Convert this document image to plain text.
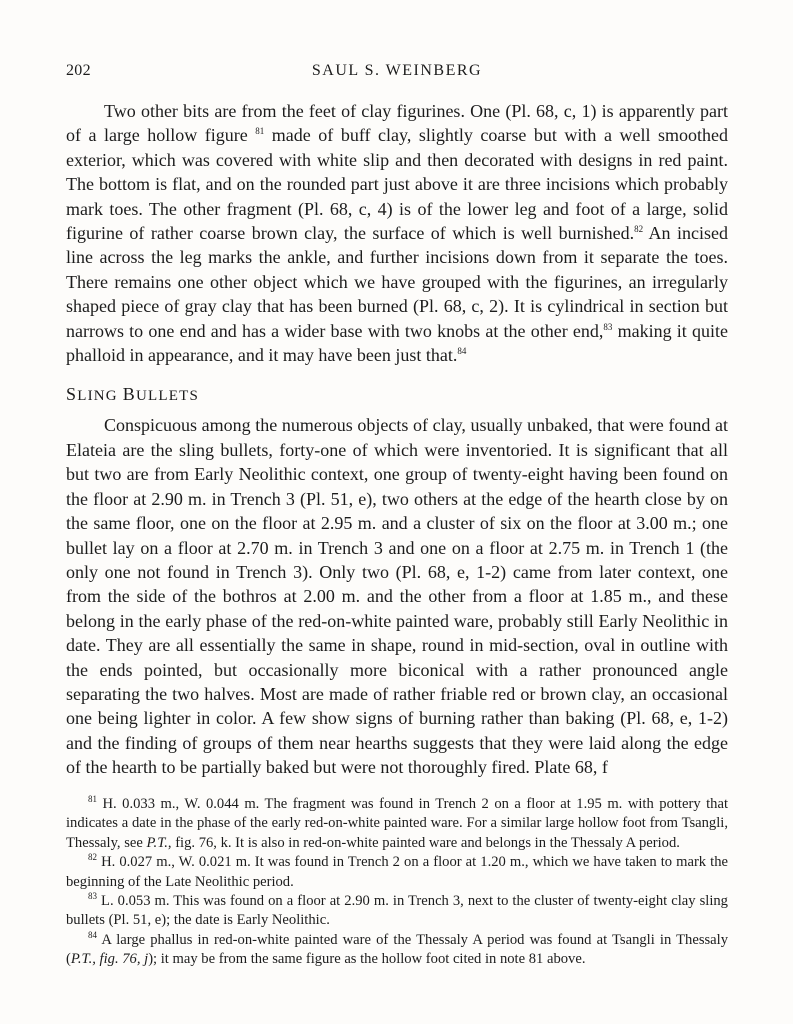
202	SAUL S. WEINBERG

Two other bits are from the feet of clay figurines. One (Pl. 68, c, 1) is apparently part of a large hollow figure $^{81}$ made of buff clay, slightly coarse but with a well smoothed exterior, which was covered with white slip and then decorated with designs in red paint. The bottom is flat, and on the rounded part just above it are three incisions which probably mark toes. The other fragment (Pl. 68, c, 4) is of the lower leg and foot of a large, solid figurine of rather coarse brown clay, the surface of which is well burnished.$^{82}$ An incised line across the leg marks the ankle, and further incisions down from it separate the toes. There remains one other object which we have grouped with the figurines, an irregularly shaped piece of gray clay that has been burned (Pl. 68, c, 2). It is cylindrical in section but narrows to one end and has a wider base with two knobs at the other end,$^{83}$ making it quite phalloid in appearance, and it may have been just that.$^{84}$

SLING BULLETS

Conspicuous among the numerous objects of clay, usually unbaked, that were found at Elateia are the sling bullets, forty-one of which were inventoried. It is significant that all but two are from Early Neolithic context, one group of twenty-eight having been found on the floor at 2.90 m. in Trench 3 (Pl. 51, e), two others at the edge of the hearth close by on the same floor, one on the floor at 2.95 m. and a cluster of six on the floor at 3.00 m.; one bullet lay on a floor at 2.70 m. in Trench 3 and one on a floor at 2.75 m. in Trench 1 (the only one not found in Trench 3). Only two (Pl. 68, e, 1-2) came from later context, one from the side of the bothros at 2.00 m. and the other from a floor at 1.85 m., and these belong in the early phase of the red-on-white painted ware, probably still Early Neolithic in date. They are all essentially the same in shape, round in mid-section, oval in outline with the ends pointed, but occasionally more biconical with a rather pronounced angle separating the two halves. Most are made of rather friable red or brown clay, an occasional one being lighter in color. A few show signs of burning rather than baking (Pl. 68, e, 1-2) and the finding of groups of them near hearths suggests that they were laid along the edge of the hearth to be partially baked but were not thoroughly fired. Plate 68, f

$^{81}$ H. 0.033 m., W. 0.044 m. The fragment was found in Trench 2 on a floor at 1.95 m. with pottery that indicates a date in the phase of the early red-on-white painted ware. For a similar large hollow foot from Tsangli, Thessaly, see P.T., fig. 76, k. It is also in red-on-white painted ware and belongs in the Thessaly A period.

$^{82}$ H. 0.027 m., W. 0.021 m. It was found in Trench 2 on a floor at 1.20 m., which we have taken to mark the beginning of the Late Neolithic period.

$^{83}$ L. 0.053 m. This was found on a floor at 2.90 m. in Trench 3, next to the cluster of twenty-eight clay sling bullets (Pl. 51, e); the date is Early Neolithic.

$^{84}$ A large phallus in red-on-white painted ware of the Thessaly A period was found at Tsangli in Thessaly (P.T., fig. 76, j); it may be from the same figure as the hollow foot cited in note 81 above.
